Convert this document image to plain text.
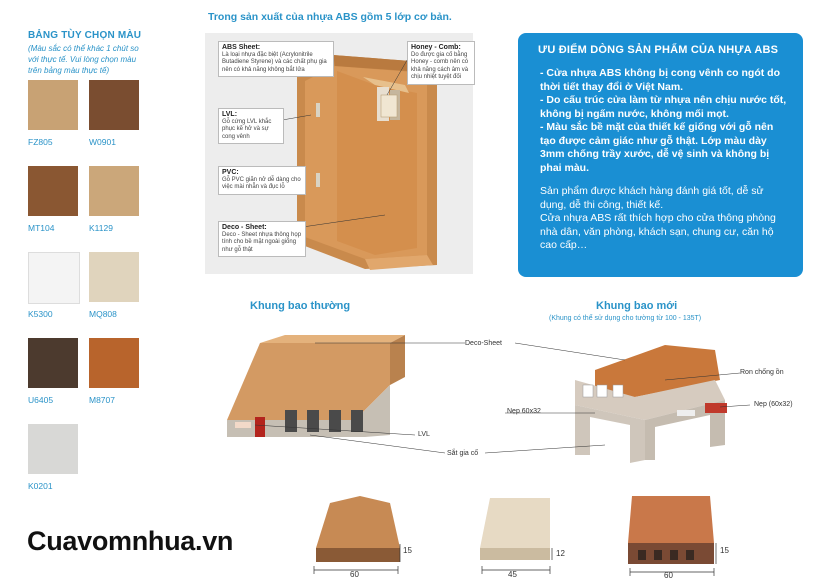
BẢNG TÙY CHỌN MÀU
(Màu sắc có thể khác 1 chút so với thực tế. Vui lòng chọn màu trên bảng màu thực tế)
FZ805	W0901
MT104	K1129
K5300	MQ808
U6405	M8707
K0201
Trong sản xuất của nhựa ABS gồm 5 lớp cơ bản.
ABS Sheet:
Là loại nhựa đặc biệt (Acrylonitrile Butadiene Styrene) và các chất phụ gia nên có khả năng không bắt lửa
LVL:
Gỗ cứng LVL khắc phục kẽ hở và sự cong vênh
PVC:
Gỗ PVC giãn nở dễ dàng cho việc mài nhẵn và đục lỗ
Deco - Sheet:
Deco - Sheet nhựa thông họp tính cho bề mặt ngoài giống như gỗ thật
Honey - Comb:
Do được gia cố bằng Honey - comb nên có khả năng cách âm và chịu nhiệt tuyệt đối
ƯU ĐIỂM DÒNG SẢN PHẨM CỦA NHỰA ABS

- Cửa nhựa ABS không bị cong vênh co ngót do thời tiết thay đổi ở Việt Nam.

- Do cấu trúc cửa làm từ nhựa nên chịu nước tốt, không bị ngấm nước, không mối mọt.

- Màu sắc bề mặt của thiết kế giống với gỗ nên tạo được cảm giác như gỗ thật. Lớp màu dày 3mm chống trầy xước, dễ vệ sinh và không bị phai màu.

Sản phẩm được khách hàng đánh giá tốt, dễ sử dụng, dễ thi công, thiết kế.

Cửa nhựa ABS rất thích hợp cho cửa thông phòng nhà dân, văn phòng, khách sạn, chung cư, căn hộ cao cấp…

Khung bao thường	Khung bao mới
(Khung có thể sử dụng cho tường từ 100 - 135T)
Deco-Sheet
LVL
Sắt gia cố
Ron chống ồn
Nẹp 60x32
Nẹp (60x32)
60
15
45
12
60
15
Cuavomnhua.vn
